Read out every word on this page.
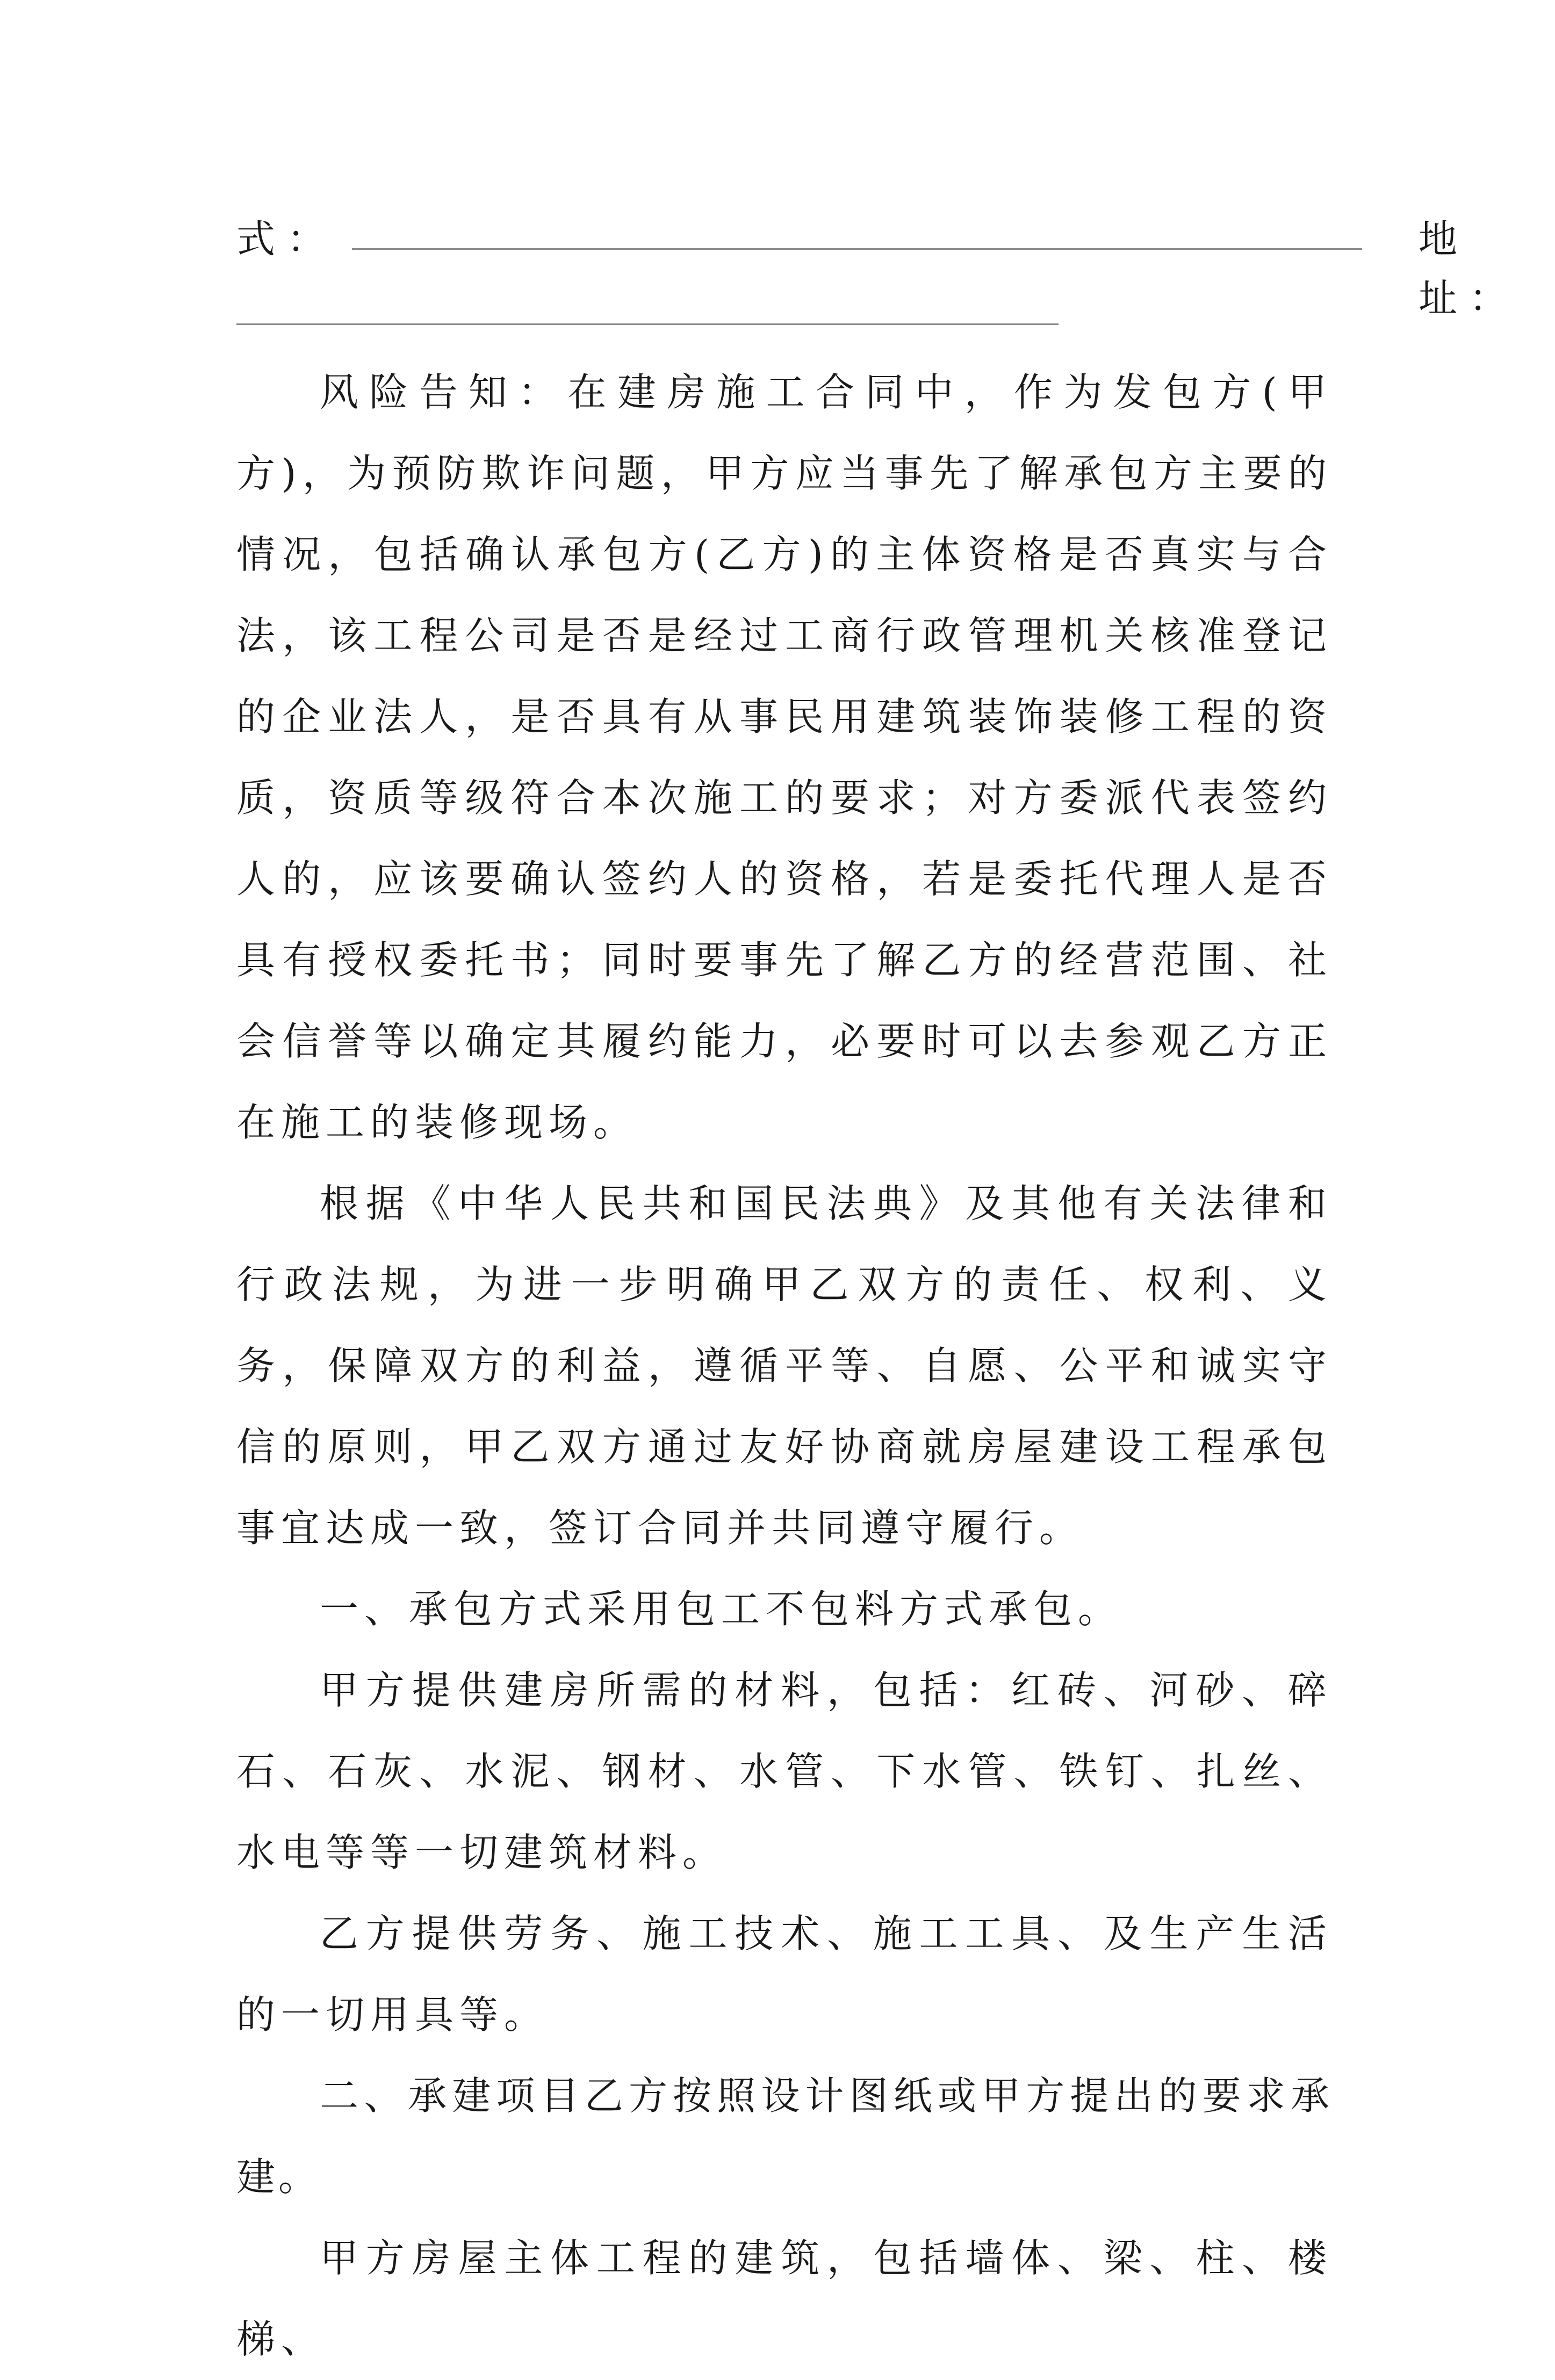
式：	地址：

风险告知：在建房施工合同中，作为发包方(甲方)，为预防欺诈问题，甲方应当事先了解承包方主要的情况，包括确认承包方(乙方)的主体资格是否真实与合法，该工程公司是否是经过工商行政管理机关核准登记的企业法人，是否具有从事民用建筑装饰装修工程的资质，资质等级符合本次施工的要求；对方委派代表签约人的，应该要确认签约人的资格，若是委托代理人是否具有授权委托书；同时要事先了解乙方的经营范围、社会信誉等以确定其履约能力，必要时可以去参观乙方正在施工的装修现场。

根据《中华人民共和国民法典》及其他有关法律和行政法规，为进一步明确甲乙双方的责任、权利、义务，保障双方的利益，遵循平等、自愿、公平和诚实守信的原则，甲乙双方通过友好协商就房屋建设工程承包事宜达成一致，签订合同并共同遵守履行。

一、承包方式采用包工不包料方式承包。

甲方提供建房所需的材料，包括：红砖、河砂、碎石、石灰、水泥、钢材、水管、下水管、铁钉、扎丝、水电等等一切建筑材料。

乙方提供劳务、施工技术、施工工具、及生产生活的一切用具等。

二、承建项目乙方按照设计图纸或甲方提出的要求承建。

甲方房屋主体工程的建筑，包括墙体、梁、柱、楼梯、
